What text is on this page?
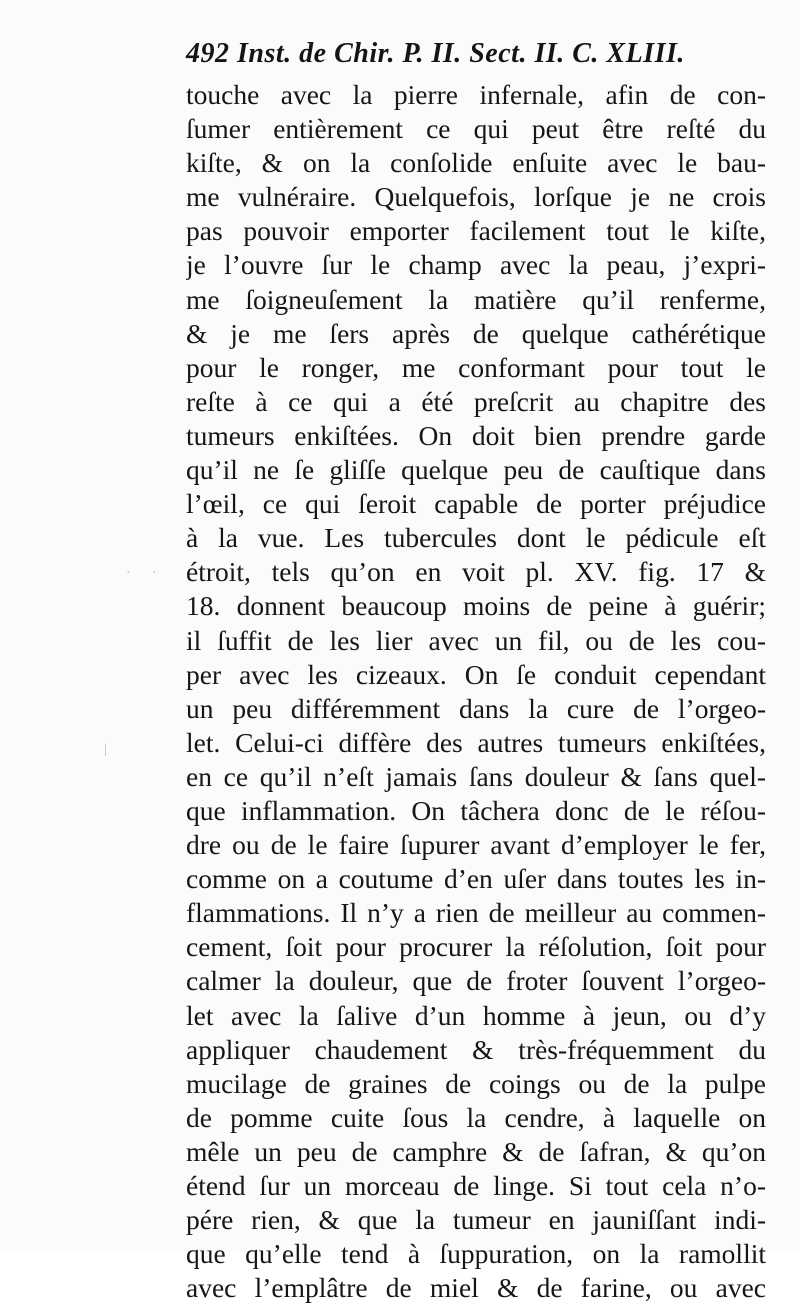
492 Inst. de Chir. P. II. Sect. II. C. XLIII.
touche avec la pierre infernale, afin de con-
ſumer entièrement ce qui peut être reſté du
kiſte, & on la conſolide enſuite avec le bau-
me vulnéraire. Quelquefois, lorſque je ne crois
pas pouvoir emporter facilement tout le kiſte,
je l’ouvre ſur le champ avec la peau, j’expri-
me ſoigneuſement la matière qu’il renferme,
& je me ſers après de quelque cathérétique
pour le ronger, me conformant pour tout le
reſte à ce qui a été preſcrit au chapitre des
tumeurs enkiſtées. On doit bien prendre garde
qu’il ne ſe gliſſe quelque peu de cauſtique dans
l’œil, ce qui ſeroit capable de porter préjudice
à la vue. Les tubercules dont le pédicule eſt
étroit, tels qu’on en voit pl. XV. fig. 17 &
18. donnent beaucoup moins de peine à guérir;
il ſuffit de les lier avec un fil, ou de les cou-
per avec les cizeaux. On ſe conduit cependant
un peu différemment dans la cure de l’orgeo-
let. Celui-ci diffère des autres tumeurs enkiſtées,
en ce qu’il n’eſt jamais ſans douleur & ſans quel-
que inflammation. On tâchera donc de le réſou-
dre ou de le faire ſupurer avant d’employer le fer,
comme on a coutume d’en uſer dans toutes les in-
flammations. Il n’y a rien de meilleur au commen-
cement, ſoit pour procurer la réſolution, ſoit pour
calmer la douleur, que de froter ſouvent l’orgeo-
let avec la ſalive d’un homme à jeun, ou d’y
appliquer chaudement & très-fréquemment du
mucilage de graines de coings ou de la pulpe
de pomme cuite ſous la cendre, à laquelle on
mêle un peu de camphre & de ſafran, & qu’on
étend ſur un morceau de linge. Si tout cela n’o-
pére rien, & que la tumeur en jauniſſant indi-
que qu’elle tend à ſuppuration, on la ramollit
avec l’emplâtre de miel & de farine, ou avec
· ·
|
